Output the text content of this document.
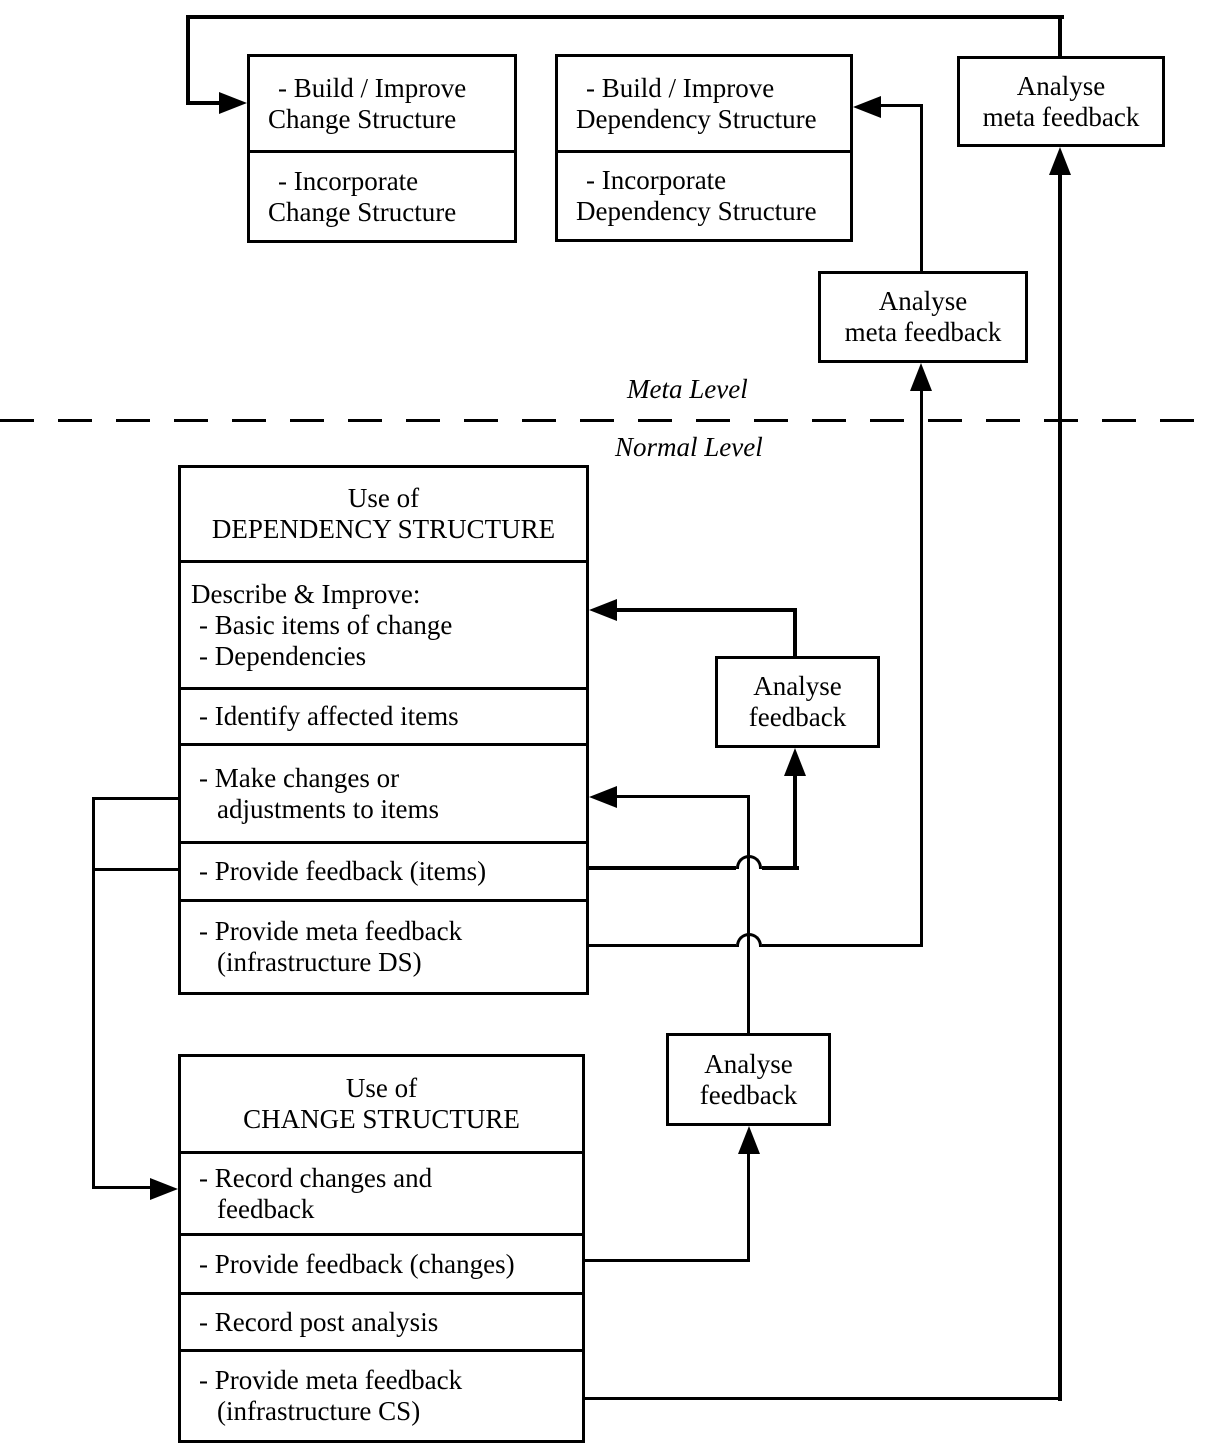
- Build / Improve
Change Structure
- Incorporate
Change Structure
- Build / Improve
Dependency Structure
- Incorporate
Dependency Structure
Analyse
meta feedback
Analyse
meta feedback
Meta Level
Normal Level
Use of
DEPENDENCY STRUCTURE
Describe & Improve:
- Basic items of change
- Dependencies
- Identify affected items
- Make changes or
adjustments to items
- Provide feedback (items)
- Provide meta feedback
(infrastructure DS)
Analyse
feedback
Analyse
feedback
Use of
CHANGE STRUCTURE
- Record changes and
feedback
- Provide feedback (changes)
- Record post analysis
- Provide meta feedback
(infrastructure CS)
